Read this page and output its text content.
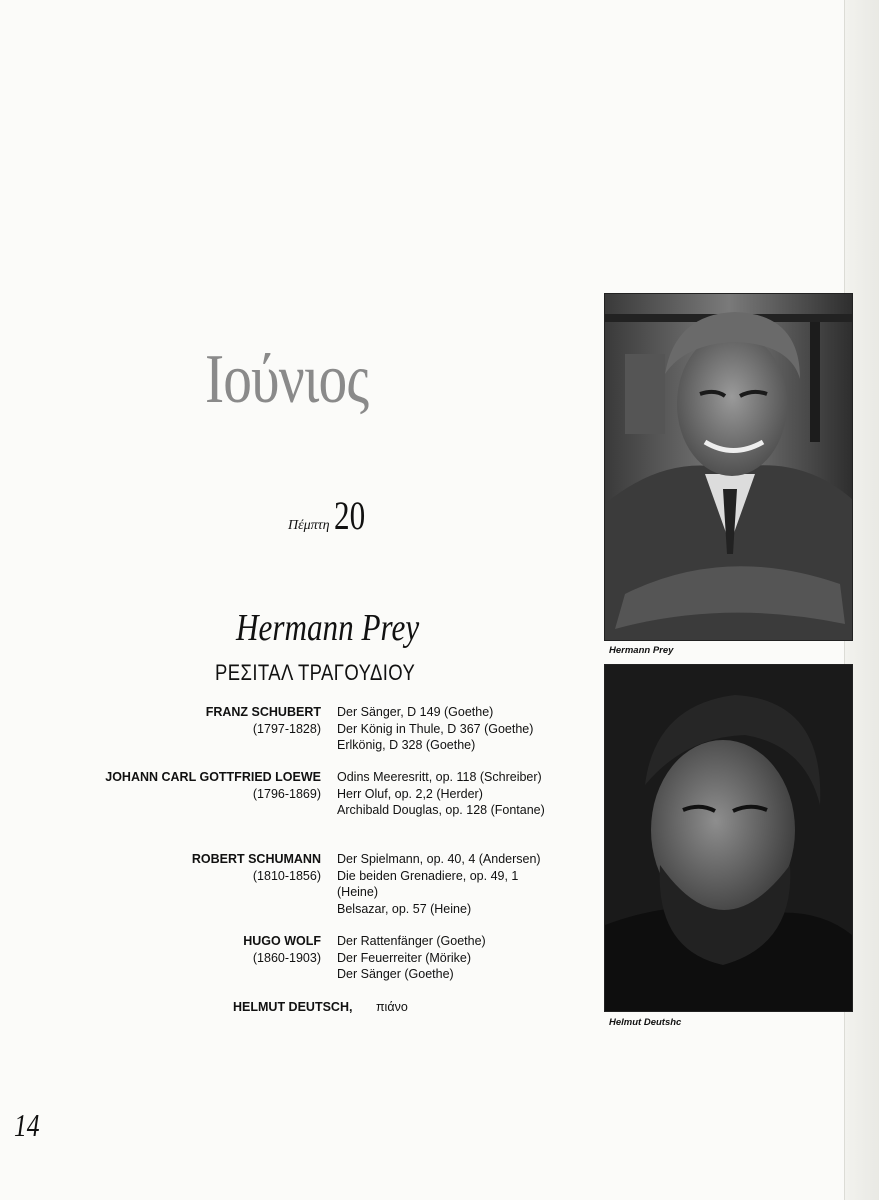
Ιούνιος
Πέμπτη 20
Hermann Prey
ΡΕΣΙΤΑΛ ΤΡΑΓΟΥΔΙΟΥ
FRANZ SCHUBERT
(1797-1828)
Der Sänger, D 149 (Goethe)
Der König in Thule, D 367 (Goethe)
Erlkönig, D 328 (Goethe)
JOHANN CARL GOTTFRIED LOEWE
(1796-1869)
Odins Meeresritt, op. 118 (Schreiber)
Herr Oluf, op. 2,2 (Herder)
Archibald Douglas, op. 128 (Fontane)
ROBERT SCHUMANN
(1810-1856)
Der Spielmann, op. 40, 4 (Andersen)
Die beiden Grenadiere, op. 49, 1
(Heine)
Belsazar, op. 57 (Heine)
HUGO WOLF
(1860-1903)
Der Rattenfänger (Goethe)
Der Feuerreiter (Mörike)
Der Sänger (Goethe)
HELMUT DEUTSCH, πιάνο
Hermann Prey
Helmut Deutshc
14
